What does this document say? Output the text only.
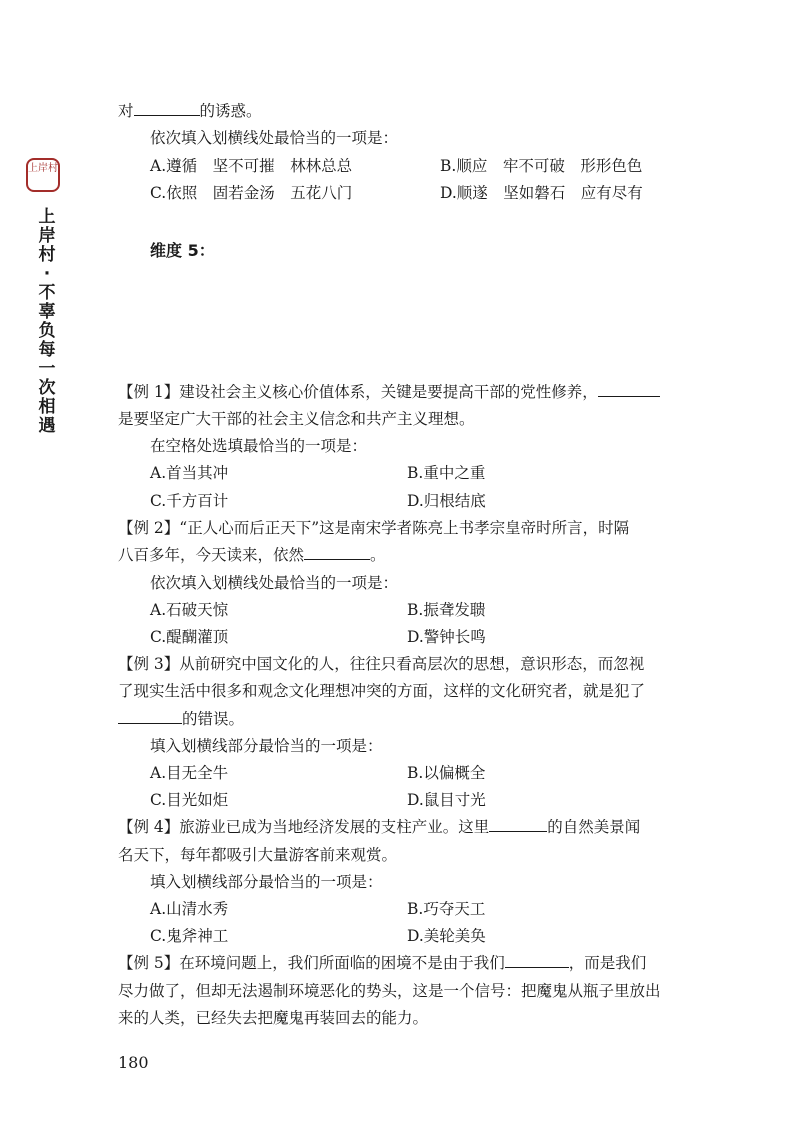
上岸村
上岸村·不辜负每一次相遇
对	的诱惑。
依次填入划横线处最恰当的一项是：
A.遵循　坚不可摧　林林总总	B.顺应　牢不可破　形形色色
C.依照　固若金汤　五花八门	D.顺遂　坚如磐石　应有尽有
维度 5：
【例 1】建设社会主义核心价值体系，关键是要提高干部的党性修养，
是要坚定广大干部的社会主义信念和共产主义理想。
在空格处选填最恰当的一项是：
A.首当其冲	B.重中之重
C.千方百计	D.归根结底
【例 2】“正人心而后正天下”这是南宋学者陈亮上书孝宗皇帝时所言，时隔
八百多年，今天读来，依然	。
依次填入划横线处最恰当的一项是：
A.石破天惊	B.振聋发聩
C.醍醐灌顶	D.警钟长鸣
【例 3】从前研究中国文化的人，往往只看高层次的思想，意识形态，而忽视
了现实生活中很多和观念文化理想冲突的方面，这样的文化研究者，就是犯了
的错误。
填入划横线部分最恰当的一项是：
A.目无全牛	B.以偏概全
C.目光如炬	D.鼠目寸光
【例 4】旅游业已成为当地经济发展的支柱产业。这里	的自然美景闻
名天下，每年都吸引大量游客前来观赏。
填入划横线部分最恰当的一项是：
A.山清水秀	B.巧夺天工
C.鬼斧神工	D.美轮美奂
【例 5】在环境问题上，我们所面临的困境不是由于我们	，而是我们
尽力做了，但却无法遏制环境恶化的势头，这是一个信号：把魔鬼从瓶子里放出
来的人类，已经失去把魔鬼再装回去的能力。
180
